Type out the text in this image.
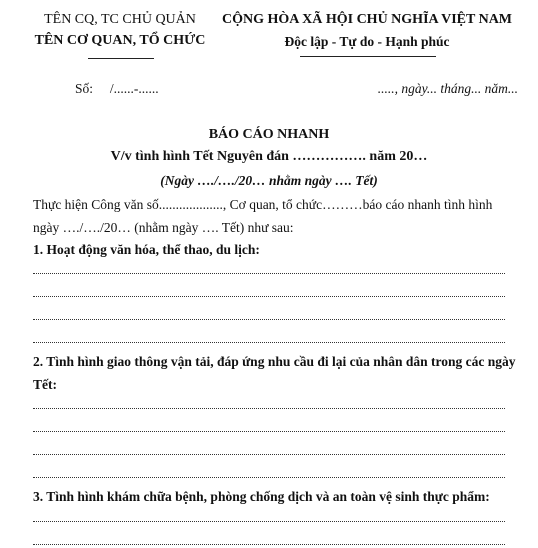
TÊN CQ, TC CHỦ QUẢN
TÊN CƠ QUAN, TỔ CHỨC
CỘNG HÒA XÃ HỘI CHỦ NGHĨA VIỆT NAM
Độc lập - Tự do - Hạnh phúc
Số:     /......-......	....., ngày... tháng... năm...
BÁO CÁO NHANH
V/v tình hình Tết Nguyên đán ……………. năm 20…
(Ngày …./…./20… nhằm ngày …. Tết)
Thực hiện Công văn số..................., Cơ quan, tổ chức………báo cáo nhanh tình hình
ngày …./…./20… (nhằm ngày …. Tết) như sau:
1. Hoạt động văn hóa, thể thao, du lịch:
2. Tình hình giao thông vận tải, đáp ứng nhu cầu đi lại của nhân dân trong các ngày
Tết:
3. Tình hình khám chữa bệnh, phòng chống dịch và an toàn vệ sinh thực phẩm:
